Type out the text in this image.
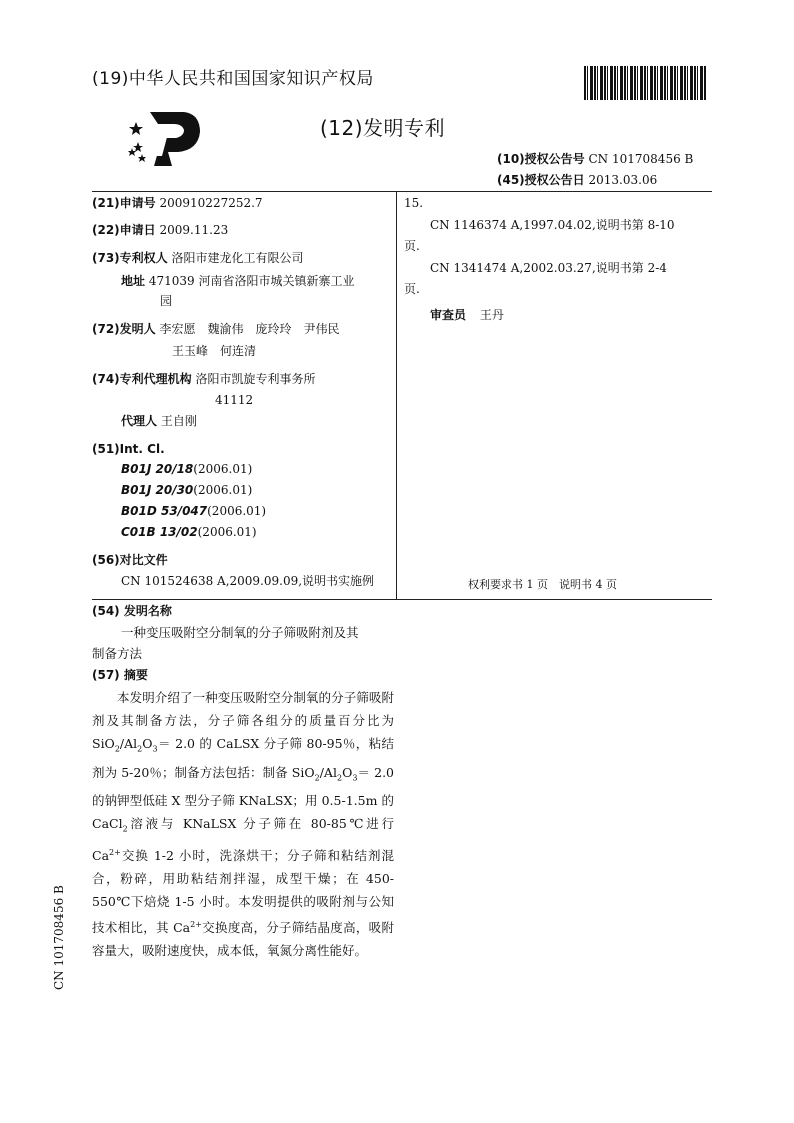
(19)中华人民共和国国家知识产权局
(12)发明专利
(10)授权公告号 CN 101708456 B
(45)授权公告日 2013.03.06
(21)申请号 200910227252.7
(22)申请日 2009.11.23
(73)专利权人 洛阳市建龙化工有限公司
地址 471039 河南省洛阳市城关镇新寨工业
园
(72)发明人 李宏愿　魏渝伟　庞玲玲　尹伟民
王玉峰　何连清
(74)专利代理机构 洛阳市凯旋专利事务所
41112
代理人 王自刚
(51)Int. Cl.
B01J 20/18(2006.01)
B01J 20/30(2006.01)
B01D 53/047(2006.01)
C01B 13/02(2006.01)
(56)对比文件
CN 101524638 A,2009.09.09,说明书实施例
15.
CN 1146374 A,1997.04.02,说明书第 8-10
页.
CN 1341474 A,2002.03.27,说明书第 2-4
页.
审查员 王丹
权利要求书 1 页　说明书 4 页
(54) 发明名称
一种变压吸附空分制氧的分子筛吸附剂及其
制备方法
(57) 摘要
本发明介绍了一种变压吸附空分制氧的分子筛吸附剂及其制备方法，分子筛各组分的质量百分比为 $SiO_2/Al_2O_3= 2.0$ 的 CaLSX 分子筛 80-95％，粘结剂为 5-20％；制备方法包括：制备 $SiO_2/Al_2O_3= 2.0$ 的钠钾型低硅 X 型分子筛 KNaLSX；用 0.5-1.5m 的 CaCl$_2$溶液与 KNaLSX 分子筛在 80-85℃进行 $Ca^{2+}$交换 1-2 小时，洗涤烘干；分子筛和粘结剂混合，粉碎，用助粘结剂拌湿，成型干燥；在 450-550℃下焙烧 1-5 小时。本发明提供的吸附剂与公知技术相比，其 $Ca^{2+}$交换度高，分子筛结晶度高，吸附容量大，吸附速度快，成本低，氧氮分离性能好。
CN 101708456 B
